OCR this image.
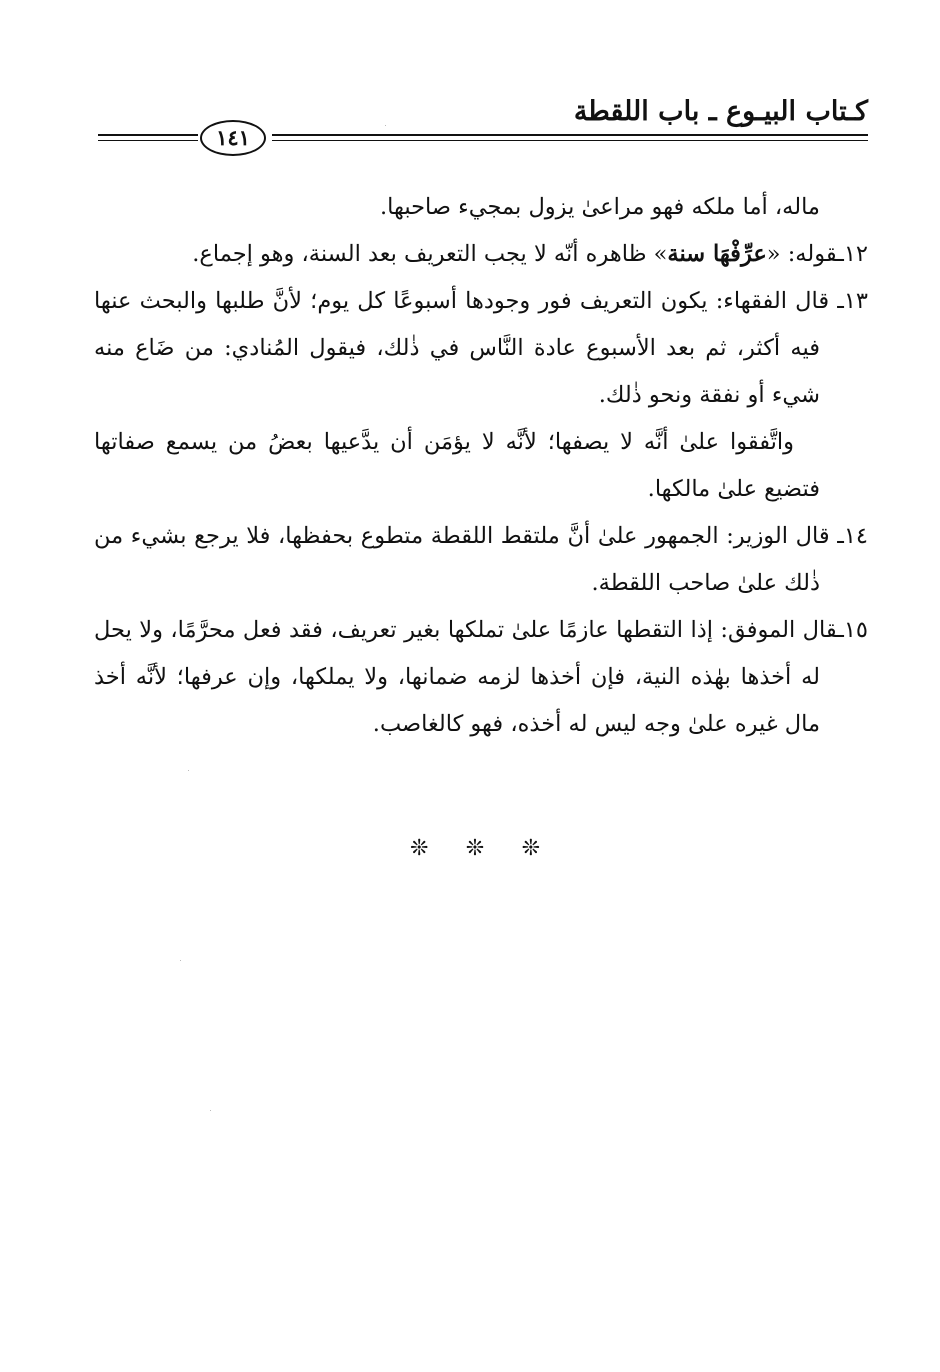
كـتاب البيـوع ـ باب اللقطة
١٤١

ماله، أما ملكه فهو مراعىٰ يزول بمجيء صاحبها.

١٢ـقوله: «عرِّفْهَا سنة» ظاهره أنّه لا يجب التعريف بعد السنة، وهو إجماع.

١٣ـ قال الفقهاء: يكون التعريف فور وجودها أسبوعًا كل يوم؛ لأنَّ طلبها والبحث عنها فيه أكثر، ثم بعد الأسبوع عادة النَّاس في ذٰلك، فيقول المُنادي: من ضَاع منه شيء أو نفقة ونحو ذٰلك.

واتَّفقوا علىٰ أنَّه لا يصفها؛ لأنَّه لا يؤمَن أن يدَّعيها بعضُ من يسمع صفاتها فتضيع علىٰ مالكها.

١٤ـ قال الوزير: الجمهور علىٰ أنَّ ملتقط اللقطة متطوع بحفظها، فلا يرجع بشيء من ذٰلك علىٰ صاحب اللقطة.

١٥ـقال الموفق: إذا التقطها عازمًا علىٰ تملكها بغير تعريف، فقد فعل محرَّمًا، ولا يحل له أخذها بهٰذه النية، فإن أخذها لزمه ضمانها، ولا يملكها، وإن عرفها؛ لأنَّه أخذ مال غيره علىٰ وجه ليس له أخذه، فهو كالغاصب.

❊ ❊ ❊
